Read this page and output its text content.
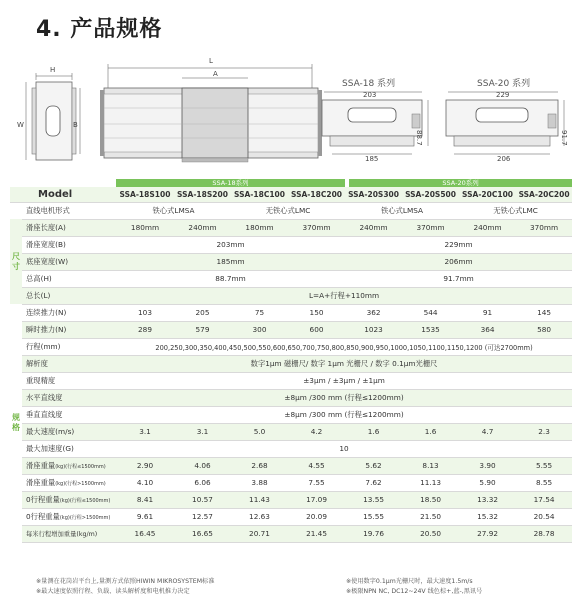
4. 产品规格
H
W	B
L
A
SSA-18 系列
203
88.7
185
SSA-20 系列
229
91.7
206

		SSA-18系列				SSA-20系列			

Model		SSA-18S100	SSA-18S200	SSA-18C100	SSA-18C200	SSA-20S300	SSA-20S500	SSA-20C100	SSA-20C200
	直线电机形式	铁心式LMSA		无铁心式LMC		铁心式LMSA		无铁心式LMC	
尺
寸	滑座长度(A)	180mm	240mm	180mm	370mm	240mm	370mm	240mm	370mm
	滑座宽度(B)	203mm				229mm			
	底座宽度(W)	185mm				206mm			
	总高(H)	88.7mm				91.7mm			
	总长(L)	L=A+行程+110mm							
规
格	连续推力(N)	103	205	75	150	362	544	91	145
	瞬时推力(N)	289	579	300	600	1023	1535	364	580
	行程(mm)	200,250,300,350,400,450,500,550,600,650,700,750,800,850,900,950,1000,1050,1100,1150,1200 (可达2700mm)							
	解析度	数字1μm 磁栅尺/ 数字 1μm 光栅尺 / 数字 0.1μm光栅尺							
	重现精度	±3μm / ±3μm / ±1μm							
	水平直线度	±8μm /300 mm (行程≤1200mm)							
	垂直直线度	±8μm /300 mm (行程≤1200mm)							
	最大速度(m/s)	3.1	3.1	5.0	4.2	1.6	1.6	4.7	2.3
	最大加速度(G)	10							
	滑座重量(kg)(行程≤1500mm)	2.90	4.06	2.68	4.55	5.62	8.13	3.90	5.55
	滑座重量(kg)(行程>1500mm)	4.10	6.06	3.88	7.55	7.62	11.13	5.90	8.55
	0行程重量(kg)(行程≤1500mm)	8.41	10.57	11.43	17.09	13.55	18.50	13.32	17.54
	0行程重量(kg)(行程>1500mm)	9.61	12.57	12.63	20.09	15.55	21.50	15.32	20.54
	每米行程增加重量(kg/m)	16.45	16.65	20.71	21.45	19.76	20.50	27.92	28.78
※量测在花岗岩平台上,量测方式依照HIWIN MIKROSYSTEM标准
※最大速度依照行程、负载、读头解析度和电机推力决定
※使用数字0.1μm光栅尺时，最大速度1.5m/s
※极限NPN NC, DC12~24V 线色棕+,蓝-,黑讯号
